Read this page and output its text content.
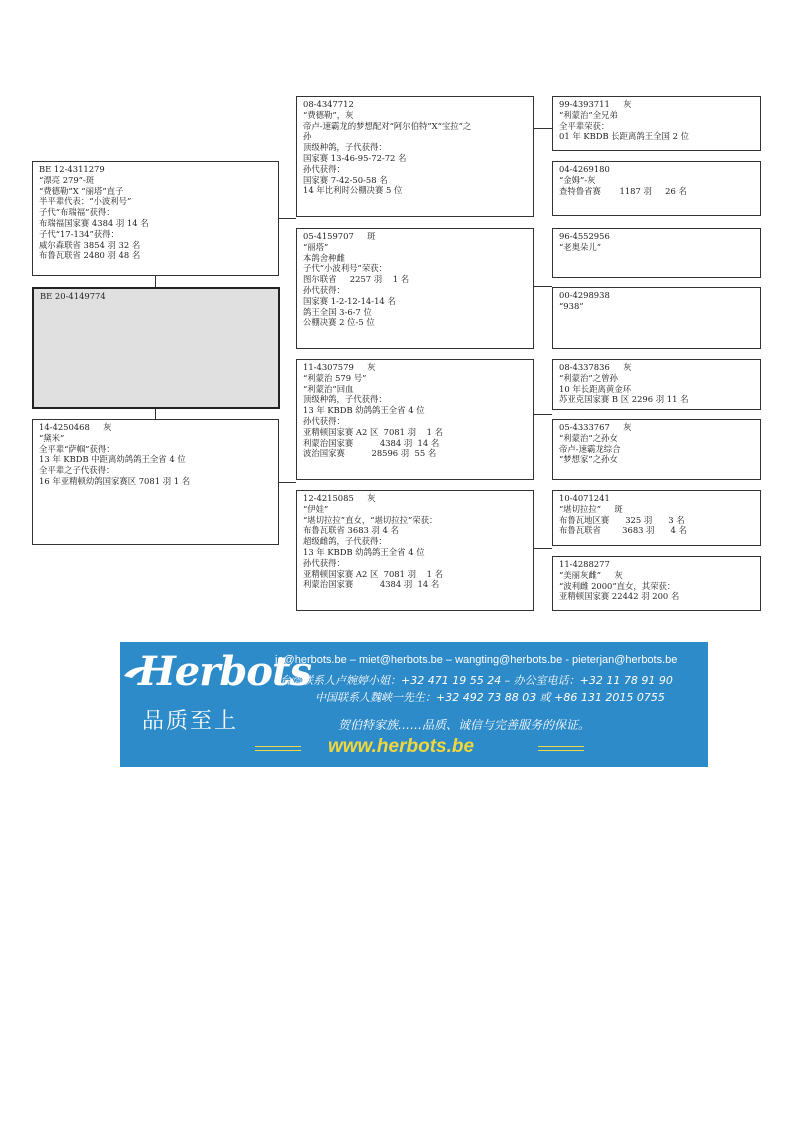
BE 12-4311279
“漂亮 279”-斑
“费德勒”X “丽塔”直子
半平辈代表：“小波利号”
子代“布瑞福”获得：
布瑞福国家赛 4384 羽 14 名
子代“17-134”获得：
威尔森联省 3854 羽 32 名
布鲁瓦联省 2480 羽 48 名
BE 20-4149774
14-4250468     灰
“黛米”
全平辈“萨帼”获得：
13 年 KBDB 中距离幼鸽鸽王全省 4 位
全平辈之子代获得：
16 年亚精顿幼鸽国家赛区 7081 羽 1 名
08-4347712
“费德勒”，灰
帝卢-速霸龙的梦想配对“阿尔伯特”X“宝拉”之
孙
顶级种鸽，子代获得：
国家赛 13-46-95-72-72 名
孙代获得：
国家赛 7-42-50-58 名
14 年比利时公棚决赛 5 位
05-4159707     斑
“丽塔”
本鸽舍种雌
子代“小波利号”荣获：
图尔联省     2257 羽    1 名
孙代获得：
国家赛 1-2-12-14-14 名
鸽王全国 3-6-7 位
公棚决赛 2 位-5 位
11-4307579     灰
“利蒙治 579 号”
“利蒙治”回血
顶级种鸽，子代获得：
13 年 KBDB 幼鸽鸽王全省 4 位
孙代获得：
亚精顿国家赛 A2 区  7081 羽    1 名
利蒙治国家赛          4384 羽  14 名
波治国家赛          28596 羽  55 名
12-4215085     灰
“伊娃”
“堪切拉拉”直女，“堪切拉拉”荣获：
布鲁瓦联省 3683 羽 4 名
超级雌鸽，子代获得：
13 年 KBDB 幼鸽鸽王全省 4 位
孙代获得：
亚精顿国家赛 A2 区  7081 羽    1 名
利蒙治国家赛          4384 羽  14 名
99-4393711     灰
“利蒙治”全兄弟
全平辈荣获：
01 年 KBDB 长距离鸽王全国 2 位
04-4269180
“金姆”-灰
查特鲁省赛       1187 羽     26 名
96-4552956
“老奥朵儿”
00-4298938
“938”
08-4337836     灰
“利蒙治”之曾孙
10 年长距离黄金环
苏亚克国家赛 B 区 2296 羽 11 名
05-4333767     灰
“利蒙治”之孙女
帝卢-速霸龙综合
“梦想家”之孙女
10-4071241
“堪切拉拉”     斑
布鲁瓦地区赛      325 羽      3 名
布鲁瓦联省        3683 羽      4 名
11-4288277
“美丽灰雌”     灰
“波利雌 2000”直女，其荣获：
亚精顿国家赛 22442 羽 200 名
Herbots
品质至上
jo@herbots.be – miet@herbots.be – wangting@herbots.be - pieterjan@herbots.be
台湾联系人卢婉婷小姐：+32 471 19 55 24 – 办公室电话：+32 11 78 91 90
中国联系人魏峡一先生：+32 492 73 88 03 或 +86 131 2015 0755
贺伯特家族……品质、诚信与完善服务的保证。
www.herbots.be
